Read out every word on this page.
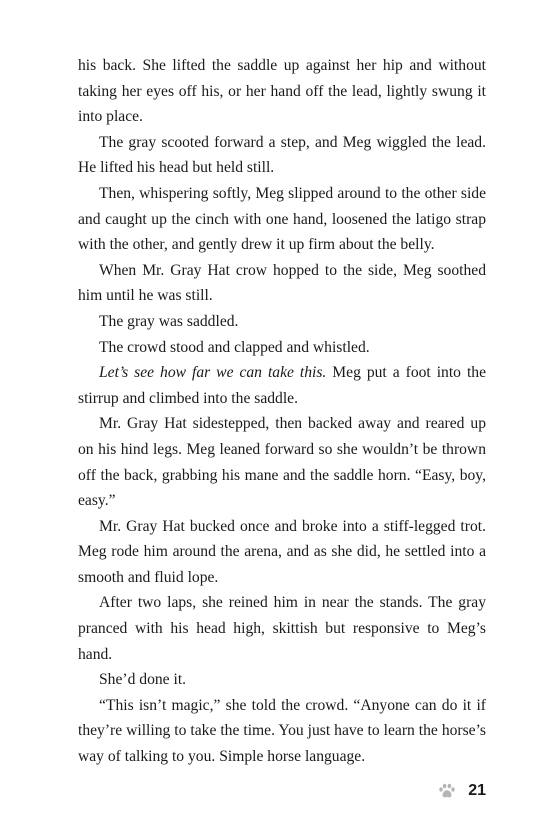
his back. She lifted the saddle up against her hip and without taking her eyes off his, or her hand off the lead, lightly swung it into place.

The gray scooted forward a step, and Meg wiggled the lead. He lifted his head but held still.

Then, whispering softly, Meg slipped around to the other side and caught up the cinch with one hand, loosened the latigo strap with the other, and gently drew it up firm about the belly.

When Mr. Gray Hat crow hopped to the side, Meg soothed him until he was still.

The gray was saddled.

The crowd stood and clapped and whistled.

Let’s see how far we can take this. Meg put a foot into the stirrup and climbed into the saddle.

Mr. Gray Hat sidestepped, then backed away and reared up on his hind legs. Meg leaned forward so she wouldn’t be thrown off the back, grabbing his mane and the saddle horn. “Easy, boy, easy.”

Mr. Gray Hat bucked once and broke into a stiff-legged trot. Meg rode him around the arena, and as she did, he settled into a smooth and fluid lope.

After two laps, she reined him in near the stands. The gray pranced with his head high, skittish but responsive to Meg’s hand.

She’d done it.

“This isn’t magic,” she told the crowd. “Anyone can do it if they’re willing to take the time. You just have to learn the horse’s way of talking to you. Simple horse language.

21
